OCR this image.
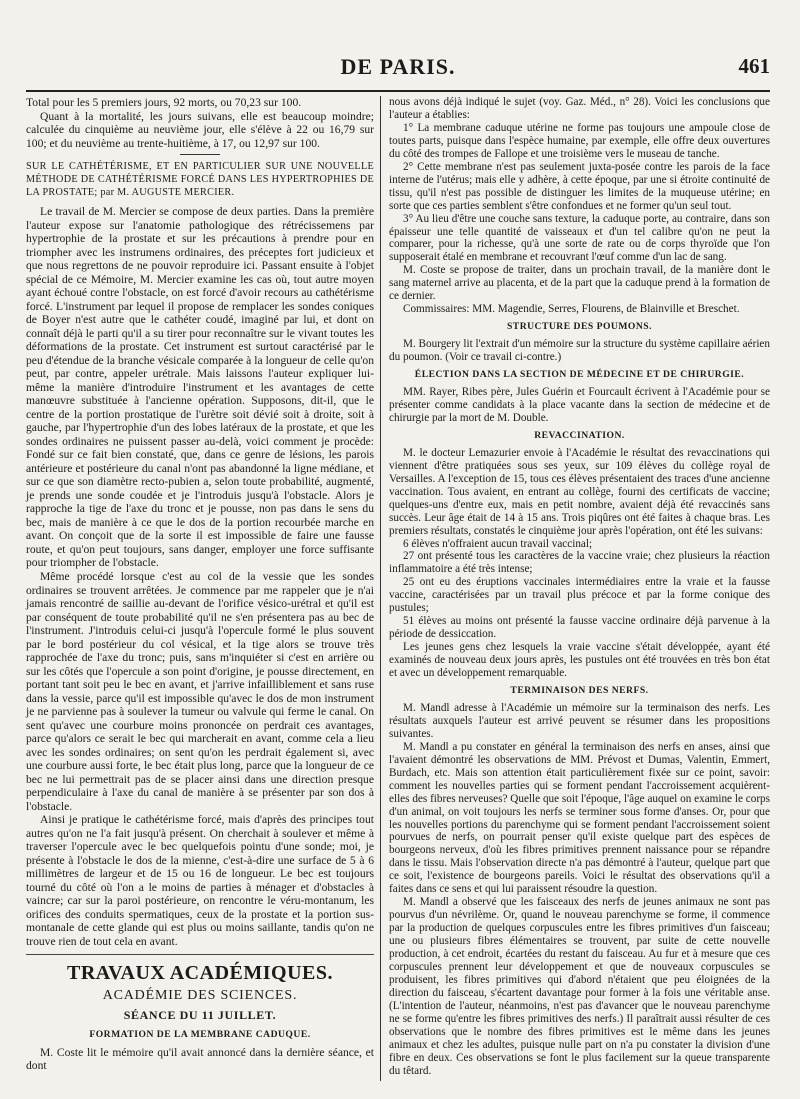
DE PARIS.	461

Total pour les 5 premiers jours, 92 morts, ou 70,23 sur 100.

Quant à la mortalité, les jours suivans, elle est beaucoup moindre; calculée du cinquième au neuvième jour, elle s'élève à 22 ou 16,79 sur 100; et du neuvième au trente-huitième, à 17, ou 12,97 sur 100.

SUR LE CATHÉTÉRISME, ET EN PARTICULIER SUR UNE NOUVELLE MÉTHODE DE CATHÉTÉRISME FORCÉ DANS LES HYPERTROPHIES DE LA PROSTATE; par M. AUGUSTE MERCIER.

Le travail de M. Mercier se compose de deux parties. Dans la première l'auteur expose sur l'anatomie pathologique des rétrécissemens par hypertrophie de la prostate et sur les précautions à prendre pour en triompher avec les instrumens ordinaires, des préceptes fort judicieux et que nous regrettons de ne pouvoir reproduire ici. Passant ensuite à l'objet spécial de ce Mémoire, M. Mercier examine les cas où, tout autre moyen ayant échoué contre l'obstacle, on est forcé d'avoir recours au cathétérisme forcé. L'instrument par lequel il propose de remplacer les sondes coniques de Boyer n'est autre que le cathéter coudé, imaginé par lui, et dont on connaît déjà le parti qu'il a su tirer pour reconnaître sur le vivant toutes les déformations de la prostate. Cet instrument est surtout caractérisé par le peu d'étendue de la branche vésicale comparée à la longueur de celle qu'on peut, par contre, appeler urétrale. Mais laissons l'auteur expliquer lui-même la manière d'introduire l'instrument et les avantages de cette manœuvre substituée à l'ancienne opération. Supposons, dit-il, que le centre de la portion prostatique de l'urètre soit dévié soit à droite, soit à gauche, par l'hypertrophie d'un des lobes latéraux de la prostate, et que les sondes ordinaires ne puissent passer au-delà, voici comment je procède: Fondé sur ce fait bien constaté, que, dans ce genre de lésions, les parois antérieure et postérieure du canal n'ont pas abandonné la ligne médiane, et sur ce que son diamètre recto-pubien a, selon toute probabilité, augmenté, je prends une sonde coudée et je l'introduis jusqu'à l'obstacle. Alors je rapproche la tige de l'axe du tronc et je pousse, non pas dans le sens du bec, mais de manière à ce que le dos de la portion recourbée marche en avant. On conçoit que de la sorte il est impossible de faire une fausse route, et qu'on peut toujours, sans danger, employer une force suffisante pour triompher de l'obstacle.

Même procédé lorsque c'est au col de la vessie que les sondes ordinaires se trouvent arrêtées. Je commence par me rappeler que je n'ai jamais rencontré de saillie au-devant de l'orifice vésico-urétral et qu'il est par conséquent de toute probabilité qu'il ne s'en présentera pas au bec de l'instrument. J'introduis celui-ci jusqu'à l'opercule formé le plus souvent par le bord postérieur du col vésical, et la tige alors se trouve très rapprochée de l'axe du tronc; puis, sans m'inquiéter si c'est en arrière ou sur les côtés que l'opercule a son point d'origine, je pousse directement, en portant tant soit peu le bec en avant, et j'arrive infailliblement et sans ruse dans la vessie, parce qu'il est impossible qu'avec le dos de mon instrument je ne parvienne pas à soulever la tumeur ou valvule qui ferme le canal. On sent qu'avec une courbure moins prononcée on perdrait ces avantages, parce qu'alors ce serait le bec qui marcherait en avant, comme cela a lieu avec les sondes ordinaires; on sent qu'on les perdrait également si, avec une courbure aussi forte, le bec était plus long, parce que la longueur de ce bec ne lui permettrait pas de se placer ainsi dans une direction presque perpendiculaire à l'axe du canal de manière à se présenter par son dos à l'obstacle.

Ainsi je pratique le cathétérisme forcé, mais d'après des principes tout autres qu'on ne l'a fait jusqu'à présent. On cherchait à soulever et même à traverser l'opercule avec le bec quelquefois pointu d'une sonde; moi, je présente à l'obstacle le dos de la mienne, c'est-à-dire une surface de 5 à 6 millimètres de largeur et de 15 ou 16 de longueur. Le bec est toujours tourné du côté où l'on a le moins de parties à ménager et d'obstacles à vaincre; car sur la paroi postérieure, on rencontre le véru-montanum, les orifices des conduits spermatiques, ceux de la prostate et la portion sus-montanale de cette glande qui est plus ou moins saillante, tandis qu'on ne trouve rien de tout cela en avant.

TRAVAUX ACADÉMIQUES.

ACADÉMIE DES SCIENCES.

SÉANCE DU 11 JUILLET.

FORMATION DE LA MEMBRANE CADUQUE.

M. Coste lit le mémoire qu'il avait annoncé dans la dernière séance, et dont

nous avons déjà indiqué le sujet (voy. Gaz. Méd., n° 28). Voici les conclusions que l'auteur a établies:

1° La membrane caduque utérine ne forme pas toujours une ampoule close de toutes parts, puisque dans l'espèce humaine, par exemple, elle offre deux ouvertures du côté des trompes de Fallope et une troisième vers le museau de tanche.

2° Cette membrane n'est pas seulement juxta-posée contre les parois de la face interne de l'utérus; mais elle y adhère, à cette époque, par une si étroite continuité de tissu, qu'il n'est pas possible de distinguer les limites de la muqueuse utérine; en sorte que ces parties semblent s'être confondues et ne former qu'un seul tout.

3° Au lieu d'être une couche sans texture, la caduque porte, au contraire, dans son épaisseur une telle quantité de vaisseaux et d'un tel calibre qu'on ne peut la comparer, pour la richesse, qu'à une sorte de rate ou de corps thyroïde que l'on supposerait étalé en membrane et recouvrant l'œuf comme d'un lac de sang.

M. Coste se propose de traiter, dans un prochain travail, de la manière dont le sang maternel arrive au placenta, et de la part que la caduque prend à la formation de ce dernier.

Commissaires: MM. Magendie, Serres, Flourens, de Blainville et Breschet.

STRUCTURE DES POUMONS.

M. Bourgery lit l'extrait d'un mémoire sur la structure du système capillaire aérien du poumon. (Voir ce travail ci-contre.)

ÉLECTION DANS LA SECTION DE MÉDECINE ET DE CHIRURGIE.

MM. Rayer, Ribes père, Jules Guérin et Fourcault écrivent à l'Académie pour se présenter comme candidats à la place vacante dans la section de médecine et de chirurgie par la mort de M. Double.

REVACCINATION.

M. le docteur Lemazurier envoie à l'Académie le résultat des revaccinations qui viennent d'être pratiquées sous ses yeux, sur 109 élèves du collège royal de Versailles. A l'exception de 15, tous ces élèves présentaient des traces d'une ancienne vaccination. Tous avaient, en entrant au collège, fourni des certificats de vaccine; quelques-uns d'entre eux, mais en petit nombre, avaient déjà été revaccinés sans succès. Leur âge était de 14 à 15 ans. Trois piqûres ont été faites à chaque bras. Les premiers résultats, constatés le cinquième jour après l'opération, ont été les suivans:

6 élèves n'offraient aucun travail vaccinal;

27 ont présenté tous les caractères de la vaccine vraie; chez plusieurs la réaction inflammatoire a été très intense;

25 ont eu des éruptions vaccinales intermédiaires entre la vraie et la fausse vaccine, caractérisées par un travail plus précoce et par la forme conique des pustules;

51 élèves au moins ont présenté la fausse vaccine ordinaire déjà parvenue à la période de dessiccation.

Les jeunes gens chez lesquels la vraie vaccine s'était développée, ayant été examinés de nouveau deux jours après, les pustules ont été trouvées en très bon état et avec un développement remarquable.

TERMINAISON DES NERFS.

M. Mandl adresse à l'Académie un mémoire sur la terminaison des nerfs. Les résultats auxquels l'auteur est arrivé peuvent se résumer dans les propositions suivantes.

M. Mandl a pu constater en général la terminaison des nerfs en anses, ainsi que l'avaient démontré les observations de MM. Prévost et Dumas, Valentin, Emmert, Burdach, etc. Mais son attention était particulièrement fixée sur ce point, savoir: comment les nouvelles parties qui se forment pendant l'accroissement acquièrent-elles des fibres nerveuses? Quelle que soit l'époque, l'âge auquel on examine le corps d'un animal, on voit toujours les nerfs se terminer sous forme d'anses. Or, pour que les nouvelles portions du parenchyme qui se forment pendant l'accroissement soient pourvues de nerfs, on pourrait penser qu'il existe quelque part des espèces de bourgeons nerveux, d'où les fibres primitives prennent naissance pour se répandre dans le tissu. Mais l'observation directe n'a pas démontré à l'auteur, quelque part que ce soit, l'existence de bourgeons pareils. Voici le résultat des observations qu'il a faites dans ce sens et qui lui paraissent résoudre la question.

M. Mandl a observé que les faisceaux des nerfs de jeunes animaux ne sont pas pourvus d'un névrilème. Or, quand le nouveau parenchyme se forme, il commence par la production de quelques corpuscules entre les fibres primitives d'un faisceau; une ou plusieurs fibres élémentaires se trouvent, par suite de cette nouvelle production, à cet endroit, écartées du restant du faisceau. Au fur et à mesure que ces corpuscules prennent leur développement et que de nouveaux corpuscules se produisent, les fibres primitives qui d'abord n'étaient que peu éloignées de la direction du faisceau, s'écartent davantage pour former à la fois une véritable anse. (L'intention de l'auteur, néanmoins, n'est pas d'avancer que le nouveau parenchyme ne se forme qu'entre les fibres primitives des nerfs.) Il paraîtrait aussi résulter de ces observations que le nombre des fibres primitives est le même dans les jeunes animaux et chez les adultes, puisque nulle part on n'a pu constater la division d'une fibre en deux. Ces observations se font le plus facilement sur la queue transparente du têtard.
